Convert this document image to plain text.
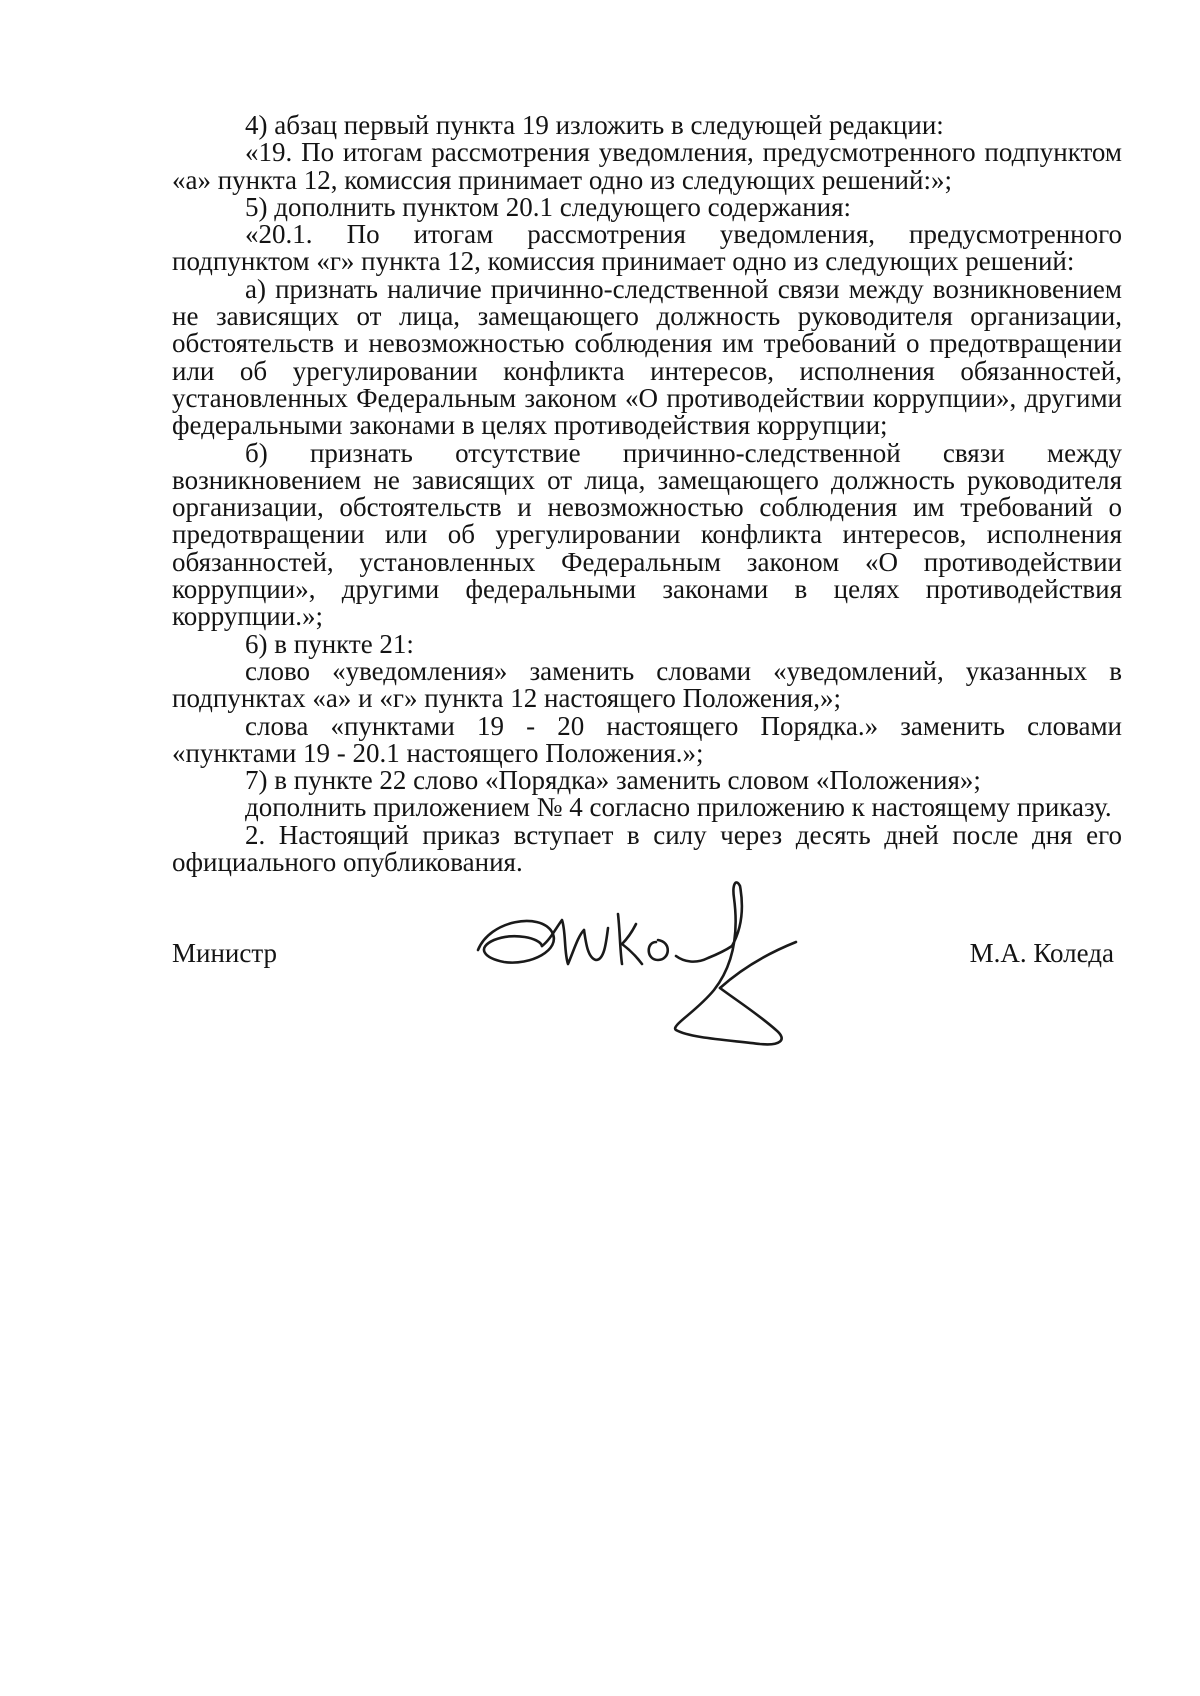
4) абзац первый пункта 19 изложить в следующей редакции:

«19. По итогам рассмотрения уведомления, предусмотренного подпунктом «а» пункта 12, комиссия принимает одно из следующих решений:»;

5) дополнить пунктом 20.1 следующего содержания:

«20.1. По итогам рассмотрения уведомления, предусмотренного подпунктом «г» пункта 12, комиссия принимает одно из следующих решений:

а) признать наличие причинно-следственной связи между возникновением не зависящих от лица, замещающего должность руководителя организации, обстоятельств и невозможностью соблюдения им требований о предотвращении или об урегулировании конфликта интересов, исполнения обязанностей, установленных Федеральным законом «О противодействии коррупции», другими федеральными законами в целях противодействия коррупции;

б) признать отсутствие причинно-следственной связи между возникновением не зависящих от лица, замещающего должность руководителя организации, обстоятельств и невозможностью соблюдения им требований о предотвращении или об урегулировании конфликта интересов, исполнения обязанностей, установленных Федеральным законом «О противодействии коррупции», другими федеральными законами в целях противодействия коррупции.»;

6) в пункте 21:

слово «уведомления» заменить словами «уведомлений, указанных в подпунктах «а» и «г» пункта 12 настоящего Положения,»;

слова «пунктами 19 - 20 настоящего Порядка.» заменить словами «пунктами 19 - 20.1 настоящего Положения.»;

7) в пункте 22 слово «Порядка» заменить словом «Положения»;

дополнить приложением № 4 согласно приложению к настоящему приказу.

2. Настоящий приказ вступает в силу через десять дней после дня его официального опубликования.

Министр	М.А. Коледа
